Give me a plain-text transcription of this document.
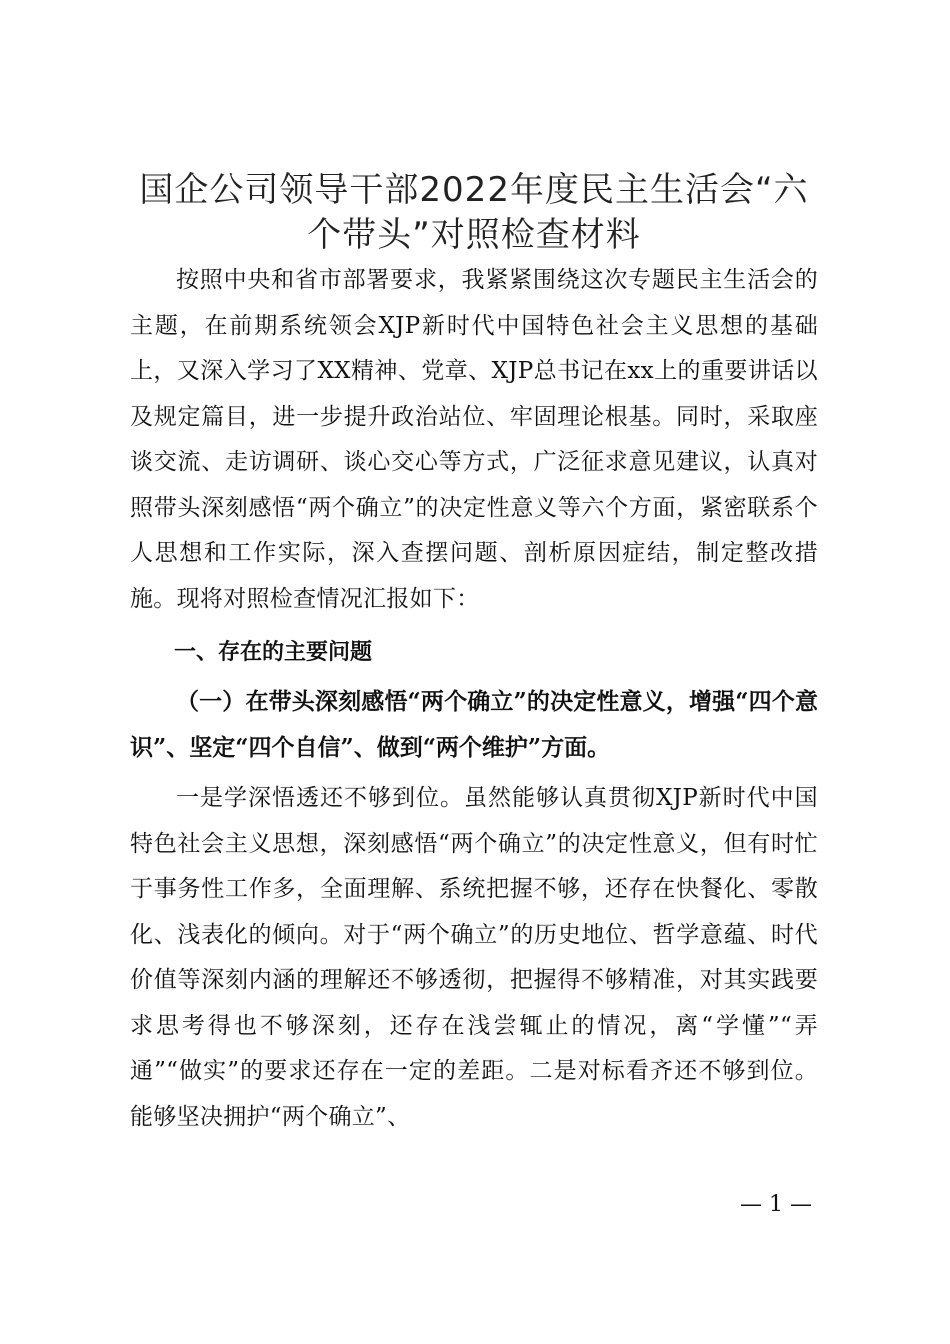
国企公司领导干部2022年度民主生活会“六个带头”对照检查材料

按照中央和省市部署要求，我紧紧围绕这次专题民主生活会的主题，在前期系统领会XJP新时代中国特色社会主义思想的基础上，又深入学习了XX精神、党章、XJP总书记在xx上的重要讲话以及规定篇目，进一步提升政治站位、牢固理论根基。同时，采取座谈交流、走访调研、谈心交心等方式，广泛征求意见建议，认真对照带头深刻感悟“两个确立”的决定性意义等六个方面，紧密联系个人思想和工作实际，深入查摆问题、剖析原因症结，制定整改措施。现将对照检查情况汇报如下：

一、存在的主要问题

（一）在带头深刻感悟“两个确立”的决定性意义，增强“四个意识”、坚定“四个自信”、做到“两个维护”方面。

一是学深悟透还不够到位。虽然能够认真贯彻XJP新时代中国特色社会主义思想，深刻感悟“两个确立”的决定性意义，但有时忙于事务性工作多，全面理解、系统把握不够，还存在快餐化、零散化、浅表化的倾向。对于“两个确立”的历史地位、哲学意蕴、时代价值等深刻内涵的理解还不够透彻，把握得不够精准，对其实践要求思考得也不够深刻，还存在浅尝辄止的情况，离“学懂”“弄通”“做实”的要求还存在一定的差距。二是对标看齐还不够到位。能够坚决拥护“两个确立”、

— 1 —
